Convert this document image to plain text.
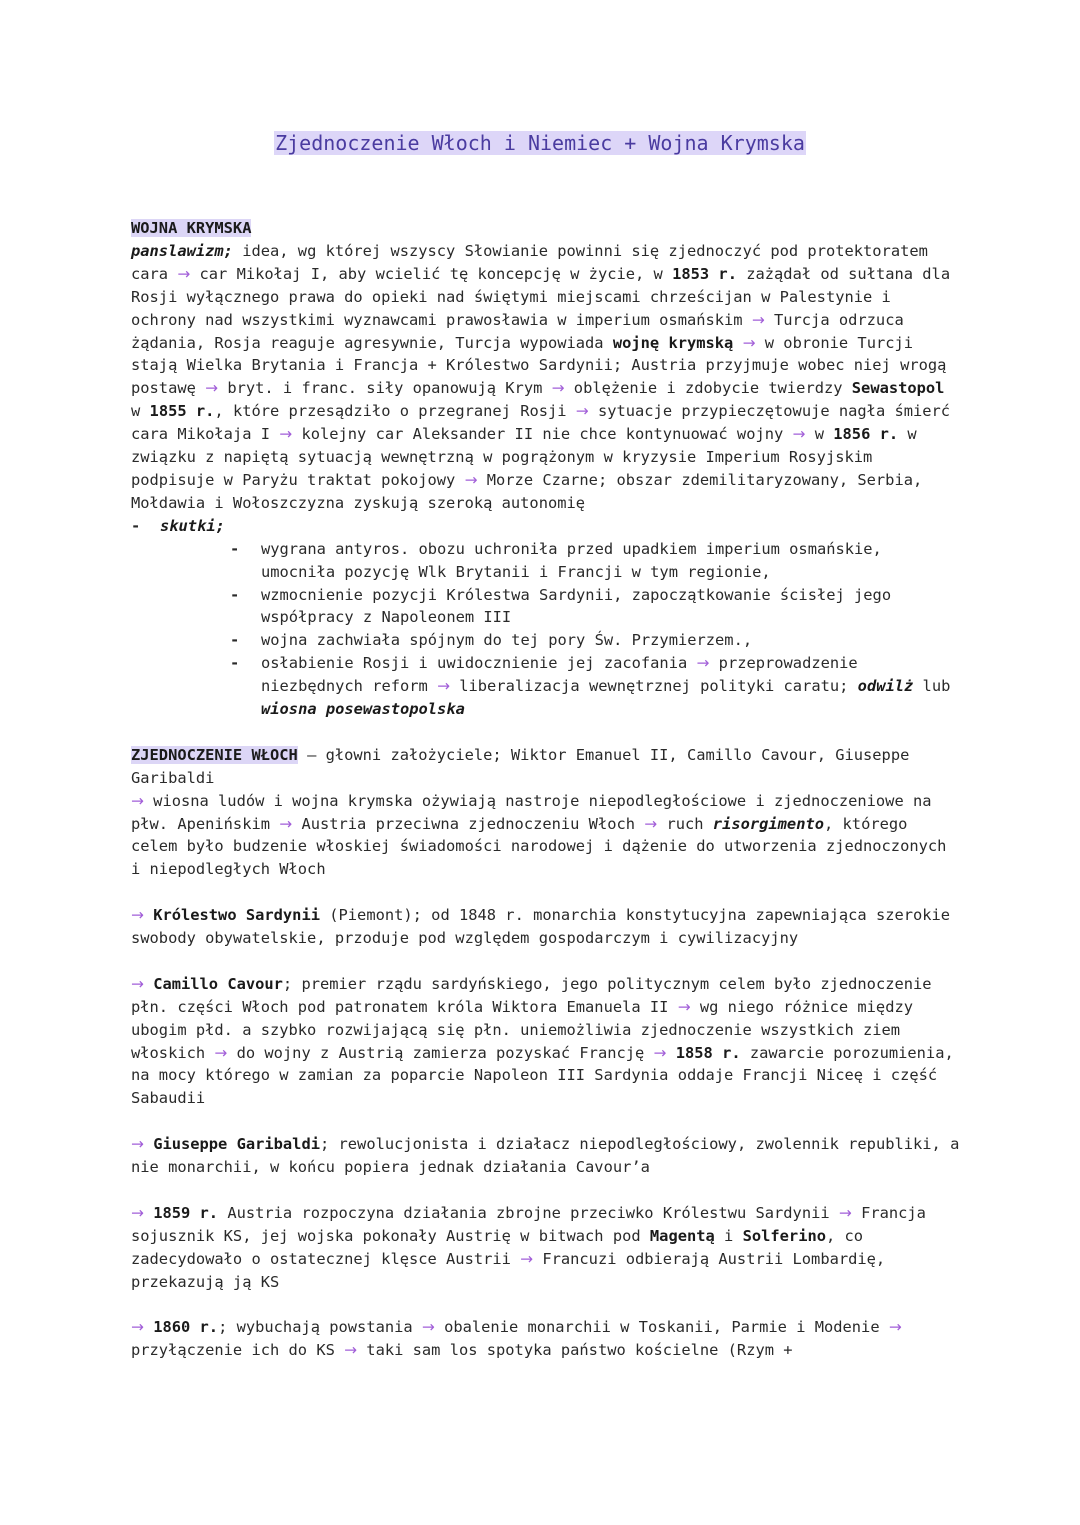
Zjednoczenie Włoch i Niemiec + Wojna Krymska

WOJNA KRYMSKA

panslawizm; idea, wg której wszyscy Słowianie powinni się zjednoczyć pod protektoratem cara → car Mikołaj I, aby wcielić tę koncepcję w życie, w 1853 r. zażądał od sułtana dla Rosji wyłącznego prawa do opieki nad świętymi miejscami chrześcijan w Palestynie i ochrony nad wszystkimi wyznawcami prawosławia w imperium osmańskim → Turcja odrzuca żądania, Rosja reaguje agresywnie, Turcja wypowiada wojnę krymską → w obronie Turcji stają Wielka Brytania i Francja + Królestwo Sardynii; Austria przyjmuje wobec niej wrogą postawę → bryt. i franc. siły opanowują Krym → oblężenie i zdobycie twierdzy Sewastopol w 1855 r., które przesądziło o przegranej Rosji → sytuacje przypieczętowuje nagła śmierć cara Mikołaja I → kolejny car Aleksander II nie chce kontynuować wojny → w 1856 r. w związku z napiętą sytuacją wewnętrzną w pogrążonym w kryzysie Imperium Rosyjskim podpisuje w Paryżu traktat pokojowy → Morze Czarne; obszar zdemilitaryzowany, Serbia, Mołdawia i Wołoszczyzna zyskują szeroką autonomię

- skutki;

- wygrana antyros. obozu uchroniła przed upadkiem imperium osmańskie, umocniła pozycję Wlk Brytanii i Francji w tym regionie,
- wzmocnienie pozycji Królestwa Sardynii, zapoczątkowanie ścisłej jego współpracy z Napoleonem III
- wojna zachwiała spójnym do tej pory Św. Przymierzem.,
- osłabienie Rosji i uwidocznienie jej zacofania → przeprowadzenie niezbędnych reform → liberalizacja wewnętrznej polityki caratu; odwilż lub wiosna posewastopolska

ZJEDNOCZENIE WŁOCH – głowni założyciele; Wiktor Emanuel II, Camillo Cavour, Giuseppe Garibaldi

→ wiosna ludów i wojna krymska ożywiają nastroje niepodległościowe i zjednoczeniowe na płw. Apenińskim → Austria przeciwna zjednoczeniu Włoch → ruch risorgimento, którego celem było budzenie włoskiej świadomości narodowej i dążenie do utworzenia zjednoczonych i niepodległych Włoch

→ Królestwo Sardynii (Piemont); od 1848 r. monarchia konstytucyjna zapewniająca szerokie swobody obywatelskie, przoduje pod względem gospodarczym i cywilizacyjny

→ Camillo Cavour; premier rządu sardyńskiego, jego politycznym celem było zjednoczenie płn. części Włoch pod patronatem króla Wiktora Emanuela II → wg niego różnice między ubogim płd. a szybko rozwijającą się płn. uniemożliwia zjednoczenie wszystkich ziem włoskich → do wojny z Austrią zamierza pozyskać Francję → 1858 r. zawarcie porozumienia, na mocy którego w zamian za poparcie Napoleon III Sardynia oddaje Francji Niceę i część Sabaudii

→ Giuseppe Garibaldi; rewolucjonista i działacz niepodległościowy, zwolennik republiki, a nie monarchii, w końcu popiera jednak działania Cavour’a

→ 1859 r. Austria rozpoczyna działania zbrojne przeciwko Królestwu Sardynii → Francja sojusznik KS, jej wojska pokonały Austrię w bitwach pod Magentą i Solferino, co zadecydowało o ostatecznej klęsce Austrii → Francuzi odbierają Austrii Lombardię, przekazują ją KS

→ 1860 r.; wybuchają powstania → obalenie monarchii w Toskanii, Parmie i Modenie → przyłączenie ich do KS → taki sam los spotyka państwo kościelne (Rzym +
